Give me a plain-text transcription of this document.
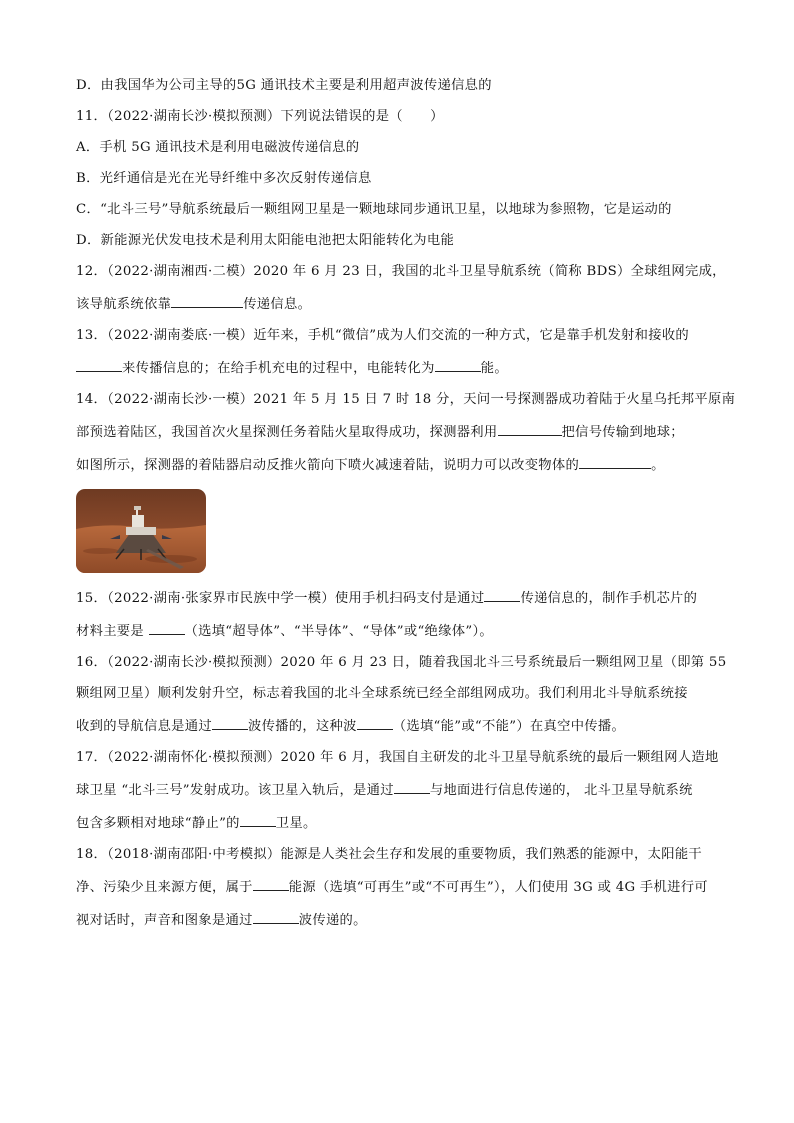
D．由我国华为公司主导的5G 通讯技术主要是利用超声波传递信息的
11．（2022·湖南长沙·模拟预测）下列说法错误的是（　　）
A．手机 5G 通讯技术是利用电磁波传递信息的
B．光纤通信是光在光导纤维中多次反射传递信息
C．“北斗三号”导航系统最后一颗组网卫星是一颗地球同步通讯卫星，以地球为参照物，它是运动的
D．新能源光伏发电技术是利用太阳能电池把太阳能转化为电能
12．（2022·湖南湘西·二模）2020 年 6 月 23 日，我国的北斗卫星导航系统（简称 BDS）全球组网完成，
该导航系统依靠	传递信息。
13．（2022·湖南娄底·一模）近年来，手机“微信”成为人们交流的一种方式，它是靠手机发射和接收的
来传播信息的；在给手机充电的过程中，电能转化为	能。
14．（2022·湖南长沙·一模）2021 年 5 月 15 日 7 时 18 分，天问一号探测器成功着陆于火星乌托邦平原南
部预选着陆区，我国首次火星探测任务着陆火星取得成功，探测器利用	把信号传输到地球；
如图所示，探测器的着陆器启动反推火箭向下喷火减速着陆，说明力可以改变物体的	。
15．（2022·湖南·张家界市民族中学一模）使用手机扫码支付是通过	传递信息的，制作手机芯片的
材料主要是	（选填“超导体”、“半导体”、“导体”或“绝缘体”）。
16．（2022·湖南长沙·模拟预测）2020 年 6 月 23 日，随着我国北斗三号系统最后一颗组网卫星（即第 55
颗组网卫星）顺利发射升空，标志着我国的北斗全球系统已经全部组网成功。我们利用北斗导航系统接
收到的导航信息是通过	波传播的，这种波	（选填“能”或“不能”）在真空中传播。
17．（2022·湖南怀化·模拟预测）2020 年 6 月，我国自主研发的北斗卫星导航系统的最后一颗组网人造地
球卫星 “北斗三号”发射成功。该卫星入轨后，是通过	与地面进行信息传递的， 北斗卫星导航系统
包含多颗相对地球“静止”的	卫星。
18．（2018·湖南邵阳·中考模拟）能源是人类社会生存和发展的重要物质，我们熟悉的能源中，太阳能干
净、污染少且来源方便，属于	能源（选填“可再生”或“不可再生”），人们使用 3G 或 4G 手机进行可
视对话时，声音和图象是通过	波传递的。
